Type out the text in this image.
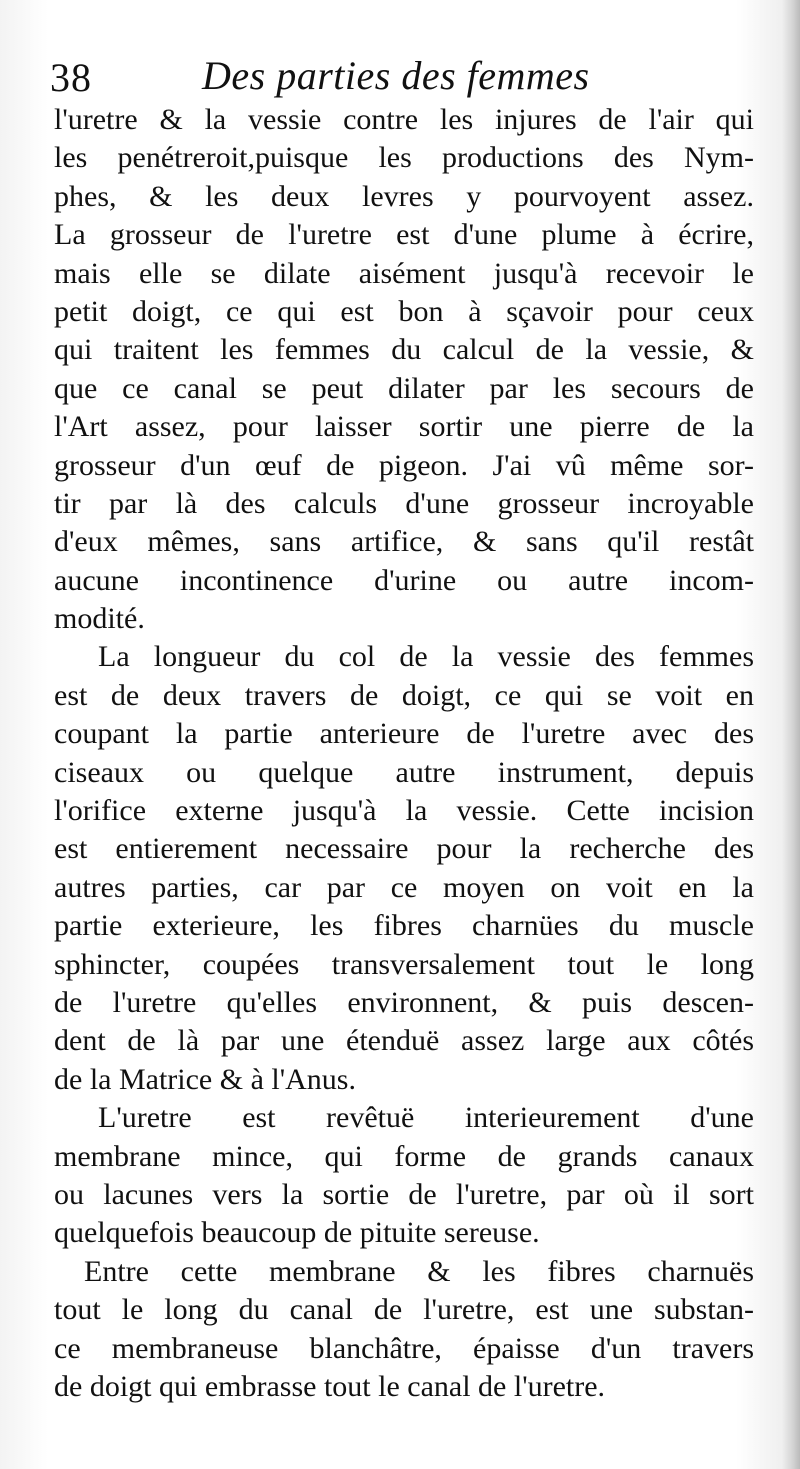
38	Des parties des femmes
l'uretre & la vessie contre les injures de l'air qui
les penétreroit,puisque les productions des Nym-
phes, & les deux levres y pourvoyent assez.
La grosseur de l'uretre est d'une plume à écrire,
mais elle se dilate aisément jusqu'à recevoir le
petit doigt, ce qui est bon à sçavoir pour ceux
qui traitent les femmes du calcul de la vessie, &
que ce canal se peut dilater par les secours de
l'Art assez, pour laisser sortir une pierre de la
grosseur d'un œuf de pigeon. J'ai vû même sor-
tir par là des calculs d'une grosseur incroyable
d'eux mêmes, sans artifice, & sans qu'il restât
aucune incontinence d'urine ou autre incom-
modité.
La longueur du col de la vessie des femmes
est de deux travers de doigt, ce qui se voit en
coupant la partie anterieure de l'uretre avec des
ciseaux ou quelque autre instrument, depuis
l'orifice externe jusqu'à la vessie. Cette incision
est entierement necessaire pour la recherche des
autres parties, car par ce moyen on voit en la
partie exterieure, les fibres charnües du muscle
sphincter, coupées transversalement tout le long
de l'uretre qu'elles environnent, & puis descen-
dent de là par une étenduë assez large aux côtés
de la Matrice & à l'Anus.
L'uretre est revêtuë interieurement d'une
membrane mince, qui forme de grands canaux
ou lacunes vers la sortie de l'uretre, par où il sort
quelquefois beaucoup de pituite sereuse.
Entre cette membrane & les fibres charnuës
tout le long du canal de l'uretre, est une substan-
ce membraneuse blanchâtre, épaisse d'un travers
de doigt qui embrasse tout le canal de l'uretre.
